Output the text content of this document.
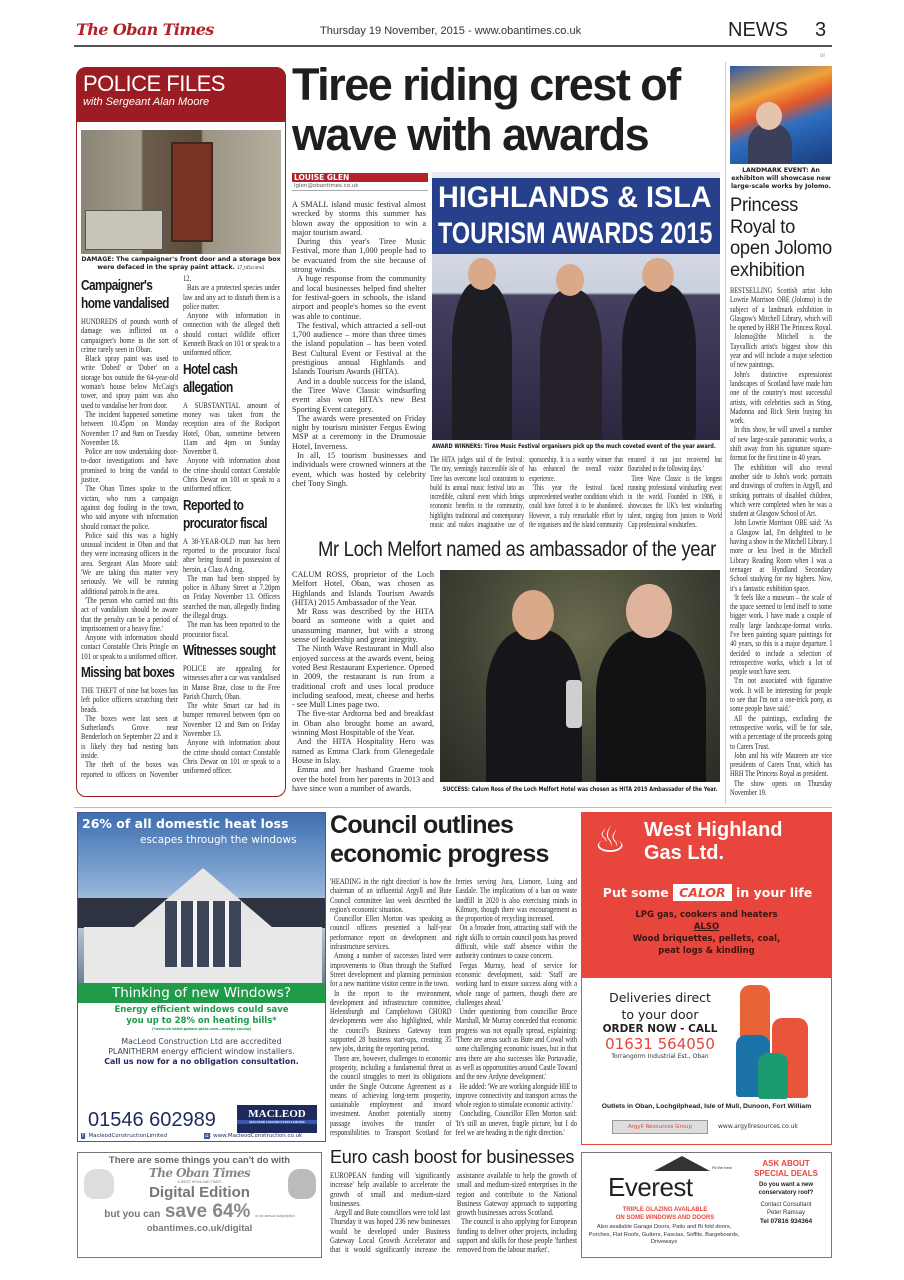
The Oban Times	Thursday 19 November, 2015 - www.obantimes.co.uk	NEWS 3
or
POLICE FILES
with Sergeant Alan Moore
DAMAGE: The campaigner's front door and a storage box were defaced in the spray paint attack. 17_t45crime1
Campaigner's home vandalised

HUNDREDS of pounds worth of damage was inflicted on a campaigner's home in the sort of crime rarely seen in Oban.

Black spray paint was used to write 'Dobed' or 'Dober' on a storage box outside the 64-year-old woman's house below McCaig's tower, and spray paint was also used to vandalise her front door.

The incident happened sometime between 10.45pm on Monday November 17 and 9am on Tuesday November 18.

Police are now undertaking door-to-door investigations and have promised to bring the vandal to justice.

The Oban Times spoke to the victim, who runs a campaign against dog fouling in the town, who said anyone with information should contact the police.

Police said this was a highly unusual incident in Oban and that they were increasing officers in the area. Sergeant Alan Moore said: 'We are taking this matter very seriously. We will be running additional patrols in the area.

'The person who carried out this act of vandalism should be aware that the penalty can be a period of imprisonment or a heavy fine.'

Anyone with information should contact Constable Chris Pringle on 101 or speak to a uniformed officer.

Missing bat boxes

THE THEFT of nine bat boxes has left police officers scratching their heads.

The boxes were last seen at Sutherland's Grove near Benderloch on September 22 and it is likely they had nesting bats inside.

The theft of the boxes was reported to officers on November 12.

Bats are a protected species under law and any act to disturb them is a police matter.

Anyone with information in connection with the alleged theft should contact wildlife officer Kenneth Brack on 101 or speak to a uniformed officer.

Hotel cash allegation

A SUBSTANTIAL amount of money was taken from the reception area of the Rockport Hotel, Oban, sometime between 11am and 4pm on Sunday November 8.

Anyone with information about the crime should contact Constable Chris Dewar on 101 or speak to a uniformed officer.

Reported to procurator fiscal

A 38-YEAR-OLD man has been reported to the procurator fiscal after being found in possession of heroin, a Class A drug.

The man had been stopped by police in Albany Street at 7.20pm on Friday November 13. Officers searched the man, allegedly finding the illegal drugs.

The man has been reported to the procurator fiscal.

Witnesses sought

POLICE are appealing for witnesses after a car was vandalised in Manse Brae, close to the Free Parish Church, Oban.

The white Smart car had its bumper removed between 6pm on November 12 and 9am on Friday November 13.

Anyone with information about the crime should contact Constable Chris Dewar on 101 or speak to a uniformed officer.

Tiree riding crest of wave with awards
LOUISE GLEN
lglen@obantimes.co.uk

A SMALL island music festival almost wrecked by storms this summer has blown away the opposition to win a major tourism award.

During this year's Tiree Music Festival, more than 1,000 people had to be evacuated from the site because of strong winds.

A huge response from the community and local businesses helped find shelter for festival-goers in schools, the island airport and people's homes so the event was able to continue.

The festival, which attracted a sell-out 1,700 audience – more than three times the island population – has been voted Best Cultural Event or Festival at the prestigious annual Highlands and Islands Tourism Awards (HITA).

And in a double success for the island, the Tiree Wave Classic windsurfing event also won HITA's new Best Sporting Event category.

The awards were presented on Friday night by tourism minister Fergus Ewing MSP at a ceremony in the Drumossie Hotel, Inverness.

In all, 15 tourism businesses and individuals were crowned winners at the event, which was hosted by celebrity chef Tony Singh.

HIGHLANDS & ISLA
TOURISM AWARDS 2015
AWARD WINNERS: Tiree Music Festival organisers pick up the much coveted event of the year award.

The HITA judges said of the festival: 'The tiny, seemingly inaccessible isle of Tiree has overcome local constraints to build its annual music festival into an incredible, cultural event which brings economic benefits to the community, highlights traditional and contemporary music and makes imaginative use of sponsorship. It is a worthy winner that has enhanced the overall visitor experience.

'This year the festival faced unprecedented weather conditions which could have forced it to be abandoned. However, a truly remarkable effort by the organisers and the island community ensured it not just recovered but flourished in the following days.'

Tiree Wave Classic is the longest running professional windsurfing event in the world. Founded in 1986, it showcases the UK's best windsurfing talent, ranging from juniors to World Cup professional windsurfers.

Mr Loch Melfort named as ambassador of the year

CALUM ROSS, proprietor of the Loch Melfort Hotel, Oban, was chosen as Highlands and Islands Tourism Awards (HITA) 2015 Ambassador of the Year.

Mr Ross was described by the HITA board as someone with a quiet and unassuming manner, but with a strong sense of leadership and great integrity.

The Ninth Wave Restaurant in Mull also enjoyed success at the awards event, being voted Best Restaurant Experience. Opened in 2009, the restaurant is run from a traditional croft and uses local produce including seafood, meat, cheese and herbs - see Mull Lines page two.

The five-star Ardtorna bed and breakfast in Oban also brought home an award, winning Most Hospitable of the Year.

And the HITA Hospitality Hero was named as Emma Clark from Glenegedale House in Islay.

Emma and her husband Graeme took over the hotel from her parents in 2013 and have since won a number of awards.	SUCCESS: Calum Ross of the Loch Melfort Hotel was chosen as HITA 2015 Ambassador of the Year.
LANDMARK EVENT: An exhibiton will showcase new large-scale works by Jolomo.
Princess Royal to open Jolomo exhibition

BESTSELLING Scottish artist John Lowrie Morrison OBE (Jolomo) is the subject of a landmark exhibition in Glasgow's Mitchell Library, which will be opened by HRH The Princess Royal.

Jolomo@the Mitchell is the Tayvallich artist's biggest show this year and will include a major selection of new paintings.

John's distinctive expressionist landscapes of Scotland have made him one of the country's most successful artists, with celebrities such as Sting, Madonna and Rick Stein buying his work.

In this show, he will unveil a number of new large-scale panoramic works, a shift away from his signature square-format for the first time in 40 years.

The exhibition will also reveal another side to John's work: portraits and drawings of crofters in Argyll, and striking portraits of disabled children, which were completed when he was a student at Glasgow School of Art.

John Lowrie Morrison OBE said: 'As a Glasgow lad, I'm delighted to be having a show in the Mitchell Library. I more or less lived in the Mitchell Library Reading Room when I was a teenager at Hyndland Secondary School studying for my highers. Now, it's a fantastic exhibition space.

'It feels like a museum – the scale of the space seemed to lend itself to some bigger work. I have made a couple of really large landscape-format works. I've been painting square paintings for 40 years, so this is a major departure. I decided to include a selection of retrospective works, which a lot of people won't have seen.

'I'm not associated with figurative work. It will be interesting for people to see that I'm not a one-trick pony, as some people have said.'

All the paintings, excluding the retrospective works, will be for sale, with a percentage of the proceeds going to Carers Trust.

John and his wife Maureen are vice presidents of Carers Trust, which has HRH The Princess Royal as president.

The show opens on Thursday November 19.

26% of all domestic heat loss
escapes through the windows
Thinking of new Windows?
Energy efficient windows could save
you up to 28% on heating bills*
(*www.uk-saint-gobain-glass.com—energy saving)
MacLeod Construction Ltd are accredited
PLANITHERM energy efficient window installers.
Call us now for a no obligation consultation.
01546 602989	MACLEOD
MACLEOD CONSTRUCTION LIMITED
f: MacleodConstructionLimited	⌂: www.MacleodConstruction.co.uk
There are some things you can't do with
The Oban Times
& WEST HIGHLAND TIMES
Digital Edition
but you can save 64% on an annual subscription
obantimes.co.uk/digital
Council outlines economic progress

'HEADING in the right direction' is how the chairman of an influential Argyll and Bute Council committee last week described the region's economic situation.

Councillor Ellen Morton was speaking as council officers presented a half-year performance report on development and infrastructure services.

Among a number of successes listed were improvements to Oban through the Stafford Street development and planning permission for a new maritime visitor centre in the town.

In the report to the environment, development and infrastructure committee, Helensburgh and Campbeltown CHORD developments were also highlighted, while the council's Business Gateway team supported 28 business start-ups, creating 35 new jobs, during the reporting period.

There are, however, challenges to economic prosperity, including a fundamental threat as the council struggles to meet its obligations under the Single Outcome Agreement as a means of achieving long-term prosperity, sustainable employment and inward investment. Another potentially stormy passage involves the transfer of responsibilities to Transport Scotland for ferries serving Jura, Lismore, Luing and Easdale. The implications of a ban on waste landfill in 2020 is also exercising minds in Kilmory, though there was encouragement as the proportion of recycling increased.

On a broader front, attracting staff with the right skills to certain council posts has proved difficult, while staff absence within the authority continues to cause concern.

Fergus Murray, head of service for economic development, said: 'Staff are working hard to ensure success along with a whole range of partners, though there are challenges ahead.'

Under questioning from councillor Bruce Marshall, Mr Murray conceded that economic progress was not equally spread, explaining: 'There are areas such as Bute and Cowal with some challenging economic issues, but in that area there are also successes like Portavadie, as well as opportunities around Castle Toward and the new Ardyne development.'

He added: 'We are working alongside HIE to improve connectivity and transport across the whole region to stimulate economic activity.'

Concluding, Councillor Ellen Morton said: 'It's still an uneven, fragile picture, but I do feel we are heading in the right direction.'

Euro cash boost for businesses

EUROPEAN funding will 'significantly increase' help available to accelerate the growth of small and medium-sized businesses.

Argyll and Bute councillors were told last Thursday it was hoped 236 new businesses would be developed under Business Gateway Local Growth Accelerator and that it would significantly increase the assistance available to help the growth of small and medium-sized enterprises in the region and contribute to the National Business Gateway approach to supporting growth businesses across Scotland.

The council is also applying for European funding to deliver other projects, including support and skills for those people 'furthest removed from the labour market'.

♨ West Highland
Gas Ltd.
Put some CALOR in your life
LPG gas, cookers and heaters
ALSO
Wood briquettes, pellets, coal,
peat logs & kindling
Deliveries direct
to your door
ORDER NOW - CALL
01631 564050
Torrangorm Industrial Est., Oban
Outlets in Oban, Lochgilphead, Isle of Mull, Dunoon, Fort William
Argyll Resources Group	www.argyllresources.co.uk
Fit the best
Everest
TRIPLE GLAZING AVAILABLE
ON SOME WINDOWS AND DOORS
Also available Garage Doors, Patio and Bi fold doors, Porches, Flat Roofs, Gutters, Fascias, Soffits, Bargeboards, Driveways
ASK ABOUT
SPECIAL DEALS
Do you want a new conservatory roof?
Contact Consultant
Peter Ramsay
Tel 07816 934364
